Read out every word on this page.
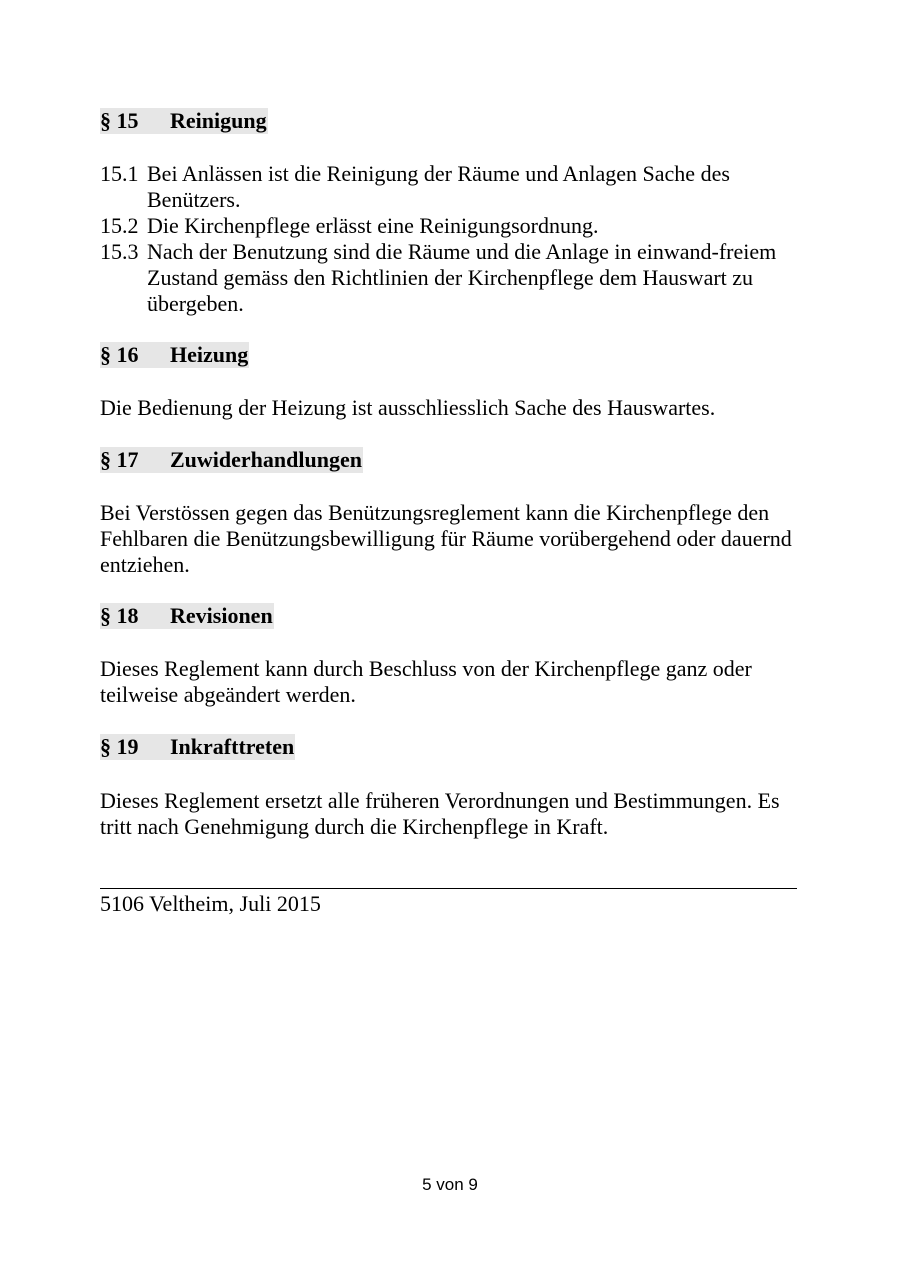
§ 15 Reinigung

15.1 Bei Anlässen ist die Reinigung der Räume und Anlagen Sache des Benützers.

15.2 Die Kirchenpflege erlässt eine Reinigungsordnung.

15.3 Nach der Benutzung sind die Räume und die Anlage in einwand-freiem Zustand gemäss den Richtlinien der Kirchenpflege dem Hauswart zu übergeben.

§ 16 Heizung

Die Bedienung der Heizung ist ausschliesslich Sache des Hauswartes.

§ 17 Zuwiderhandlungen

Bei Verstössen gegen das Benützungsreglement kann die Kirchenpflege den Fehlbaren die Benützungsbewilligung für Räume vorübergehend oder dauernd entziehen.

§ 18 Revisionen

Dieses Reglement kann durch Beschluss von der Kirchenpflege ganz oder teilweise abgeändert werden.

§ 19 Inkrafttreten

Dieses Reglement ersetzt alle früheren Verordnungen und Bestimmungen. Es tritt nach Genehmigung durch die Kirchenpflege in Kraft.

5106 Veltheim, Juli 2015

5 von 9
